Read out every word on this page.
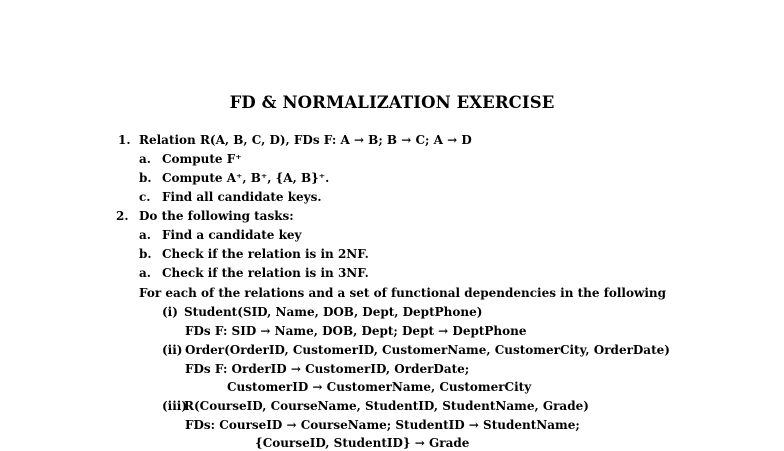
FD & NORMALIZATION EXERCISE
1. Relation R(A, B, C, D), FDs F: A → B; B → C; A → D
a. Compute F⁺
b. Compute A⁺, B⁺, {A, B}⁺.
c. Find all candidate keys.
2. Do the following tasks:
a. Find a candidate key
b. Check if the relation is in 2NF.
a. Check if the relation is in 3NF.
For each of the relations and a set of functional dependencies in the following
(i) Student(SID, Name, DOB, Dept, DeptPhone)
FDs F: SID → Name, DOB, Dept; Dept → DeptPhone
(ii) Order(OrderID, CustomerID, CustomerName, CustomerCity, OrderDate)
FDs F: OrderID → CustomerID, OrderDate;
CustomerID → CustomerName, CustomerCity
(iii)
R(CourseID, CourseName, StudentID, StudentName, Grade)
FDs: CourseID → CourseName; StudentID → StudentName;
{CourseID, StudentID} → Grade
